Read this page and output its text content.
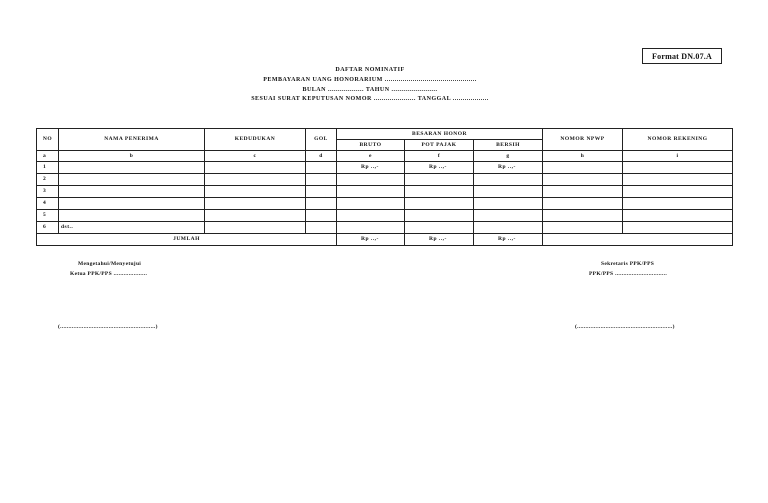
Format DN.07.A
DAFTAR NOMINATIF
PEMBAYARAN UANG HONORARIUM ..............................................
BULAN .................. TAHUN .......................
SESUAI SURAT KEPUTUSAN NOMOR ..................... TANGGAL ..................
NO	NAMA PENERIMA	KEDUDUKAN	GOL	BESARAN HONOR			NOMOR NPWP	NOMOR REKENING
				BRUTO	POT PAJAK	BERSIH		
a	b	c	d	e	f	g	h	i
1				Rp ..,-	Rp ..,-	Rp ..,-		
2								
3								
4								
5								
6	dst..							
JUMLAH				Rp ..,-	Rp ..,-	Rp ..,-		
Mengetahui/Menyetujui
Ketua PPK/PPS ....................
(.........................................................)
Sekretaris PPK/PPS
PPK/PPS ...............................
(.........................................................)
